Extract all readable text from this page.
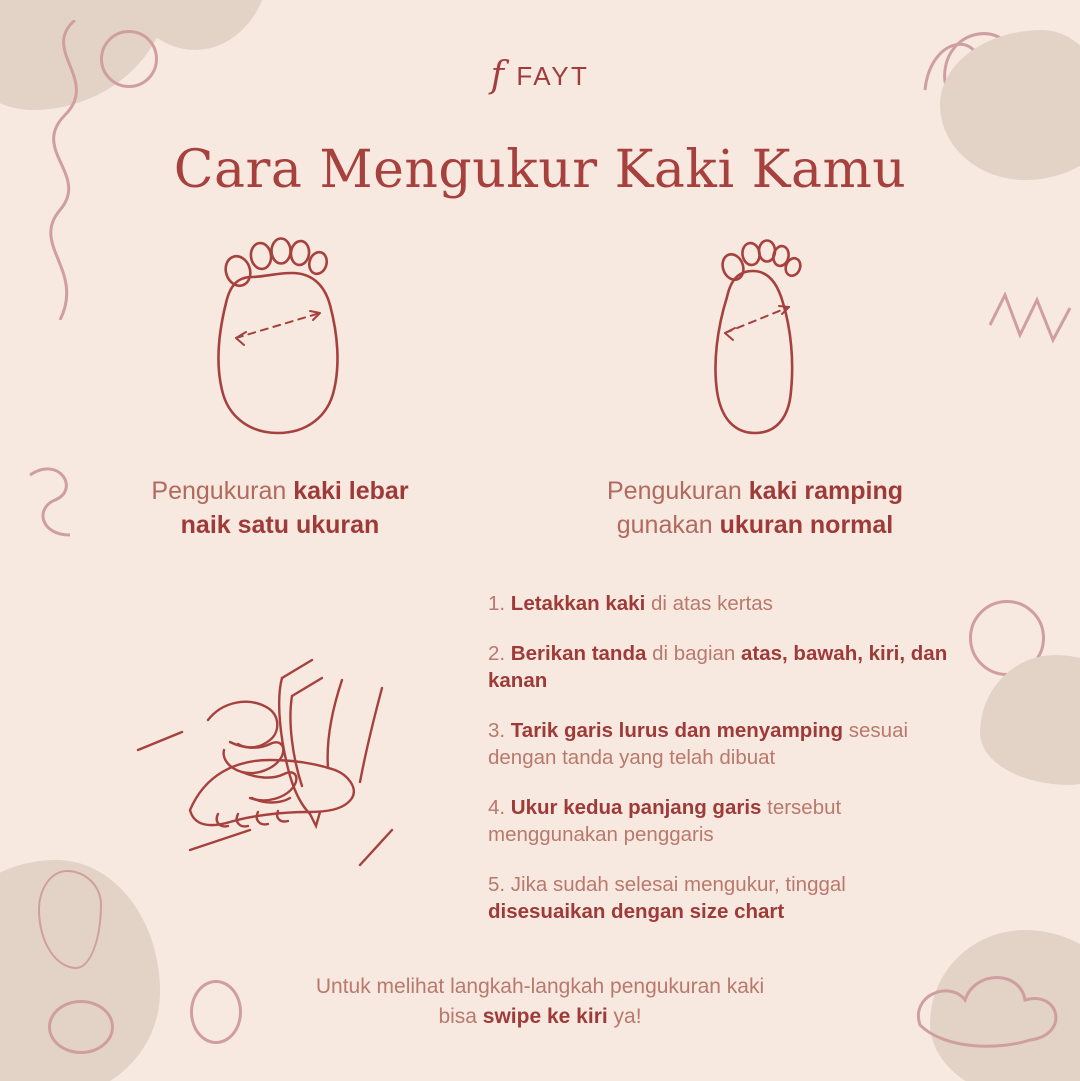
f FAYT
Cara Mengukur Kaki Kamu
Pengukuran kaki lebar
naik satu ukuran
Pengukuran kaki ramping
gunakan ukuran normal
1. Letakkan kaki di atas kertas
2. Berikan tanda di bagian atas, bawah, kiri, dan kanan
3. Tarik garis lurus dan menyamping sesuai dengan tanda yang telah dibuat
4. Ukur kedua panjang garis tersebut menggunakan penggaris
5. Jika sudah selesai mengukur, tinggal disesuaikan dengan size chart
Untuk melihat langkah-langkah pengukuran kaki
bisa swipe ke kiri ya!
